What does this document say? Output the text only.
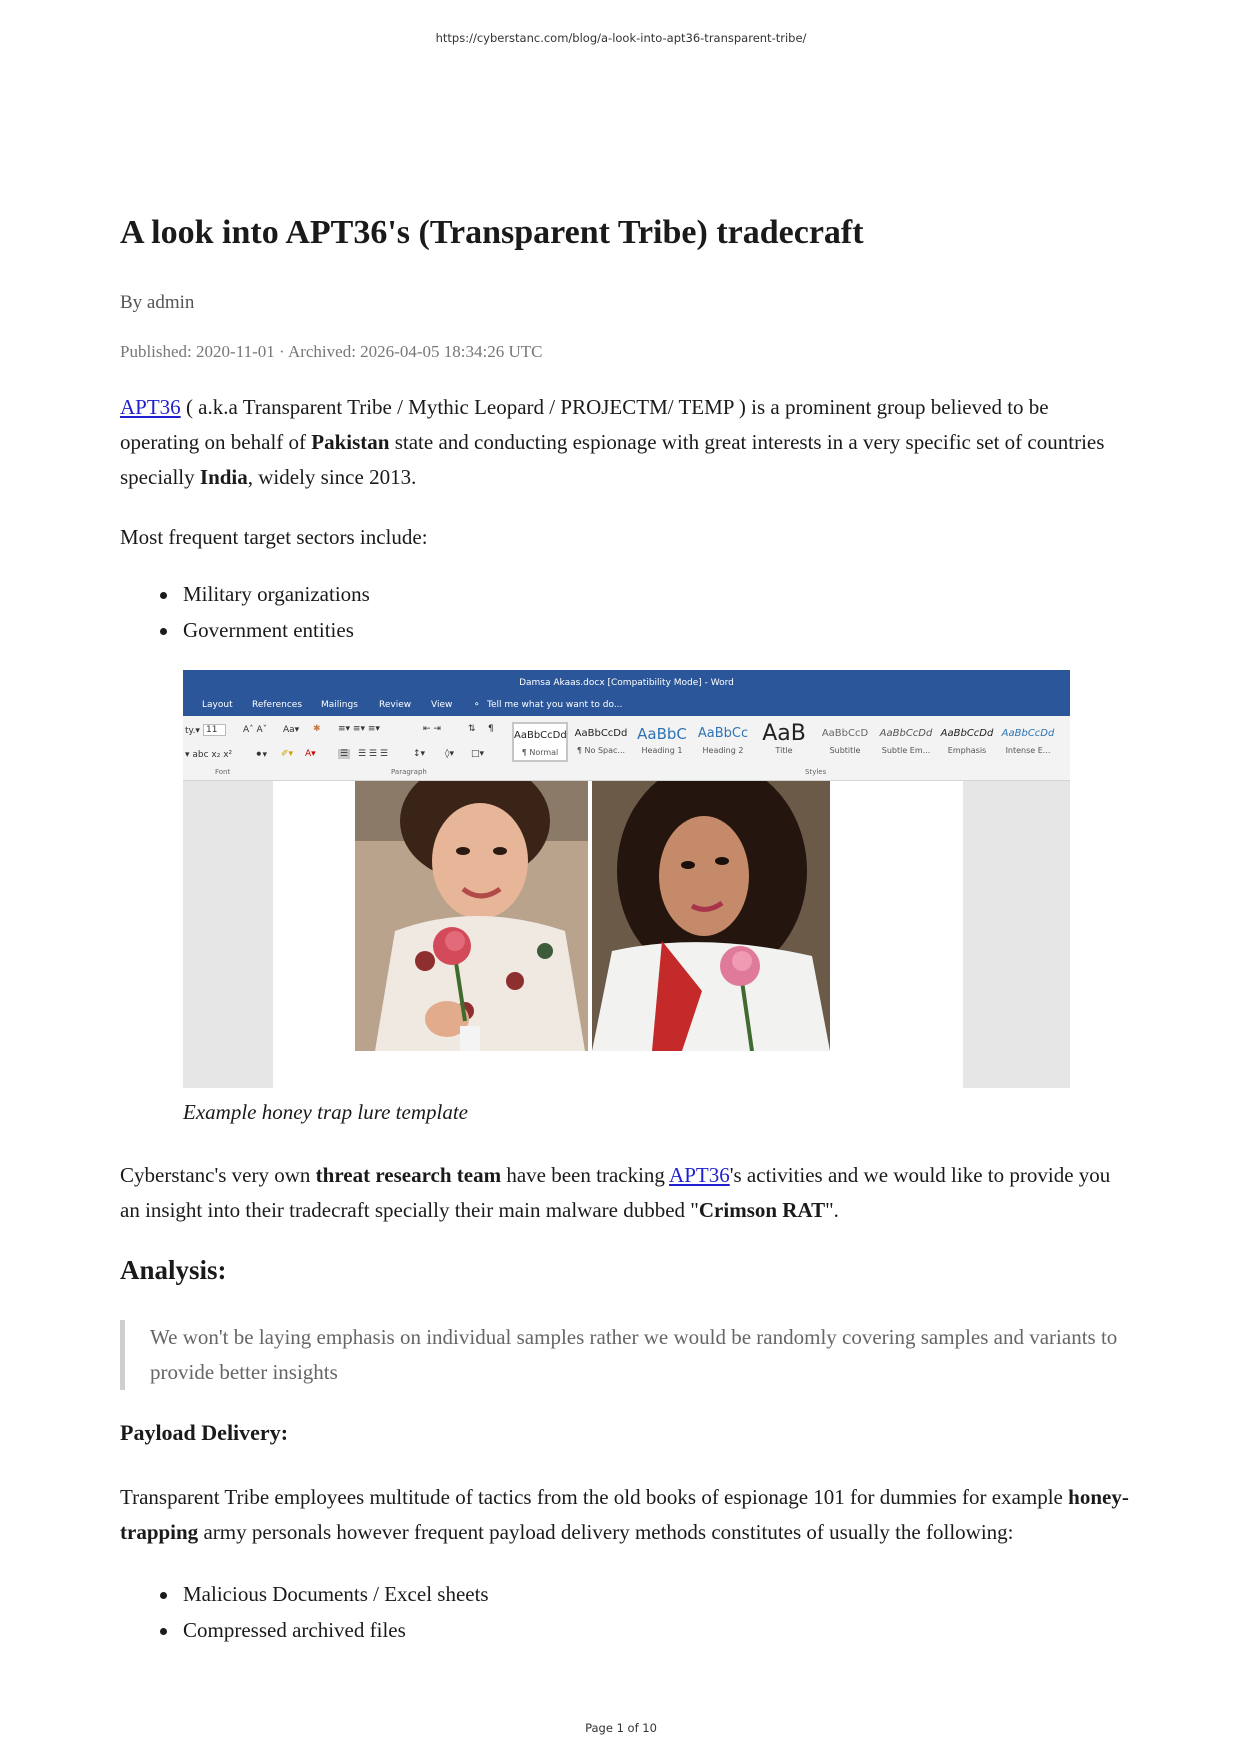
https://cyberstanc.com/blog/a-look-into-apt36-transparent-tribe/
A look into APT36's (Transparent Tribe) tradecraft
By admin
Published: 2020-11-01 · Archived: 2026-04-05 18:34:26 UTC

APT36 ( a.k.a Transparent Tribe / Mythic Leopard / PROJECTM/ TEMP ) is a prominent group believed to be operating on behalf of Pakistan state and conducting espionage with great interests in a very specific set of countries specially India, widely since 2013.

Most frequent target sectors include:

Military organizations
Government entities
Damsa Akaas.docx [Compatibility Mode] - Word
Layout References Mailings Review View ⚬ Tell me what you want to do...
ty.▾ 11	Aˆ Aˇ Aa▾ ✱ ≡▾ ≡▾ ≡▾	⇤ ⇥	⇅ ¶
▾ abc x₂ x²	⚫▾ ✐▾ A▾	☰ ☰ ☰ ☰	↕▾ ◊▾ □▾
Font	Paragraph	Styles
AaBbCcDd
¶ Normal
AaBbCcDd
¶ No Spac...
AaBbC
Heading 1
AaBbCc
Heading 2
AaB
Title
AaBbCcD
Subtitle
AaBbCcDd
Subtle Em...
AaBbCcDd
Emphasis
AaBbCcDd
Intense E...
Example honey trap lure template

Cyberstanc's very own threat research team have been tracking APT36's activities and we would like to provide you an insight into their tradecraft specially their main malware dubbed "Crimson RAT".

Analysis:

We won't be laying emphasis on individual samples rather we would be randomly covering samples and variants to provide better insights

Payload Delivery:

Transparent Tribe employees multitude of tactics from the old books of espionage 101 for dummies for example honey-trapping army personals however frequent payload delivery methods constitutes of usually the following:

Malicious Documents / Excel sheets
Compressed archived files
Page 1 of 10
